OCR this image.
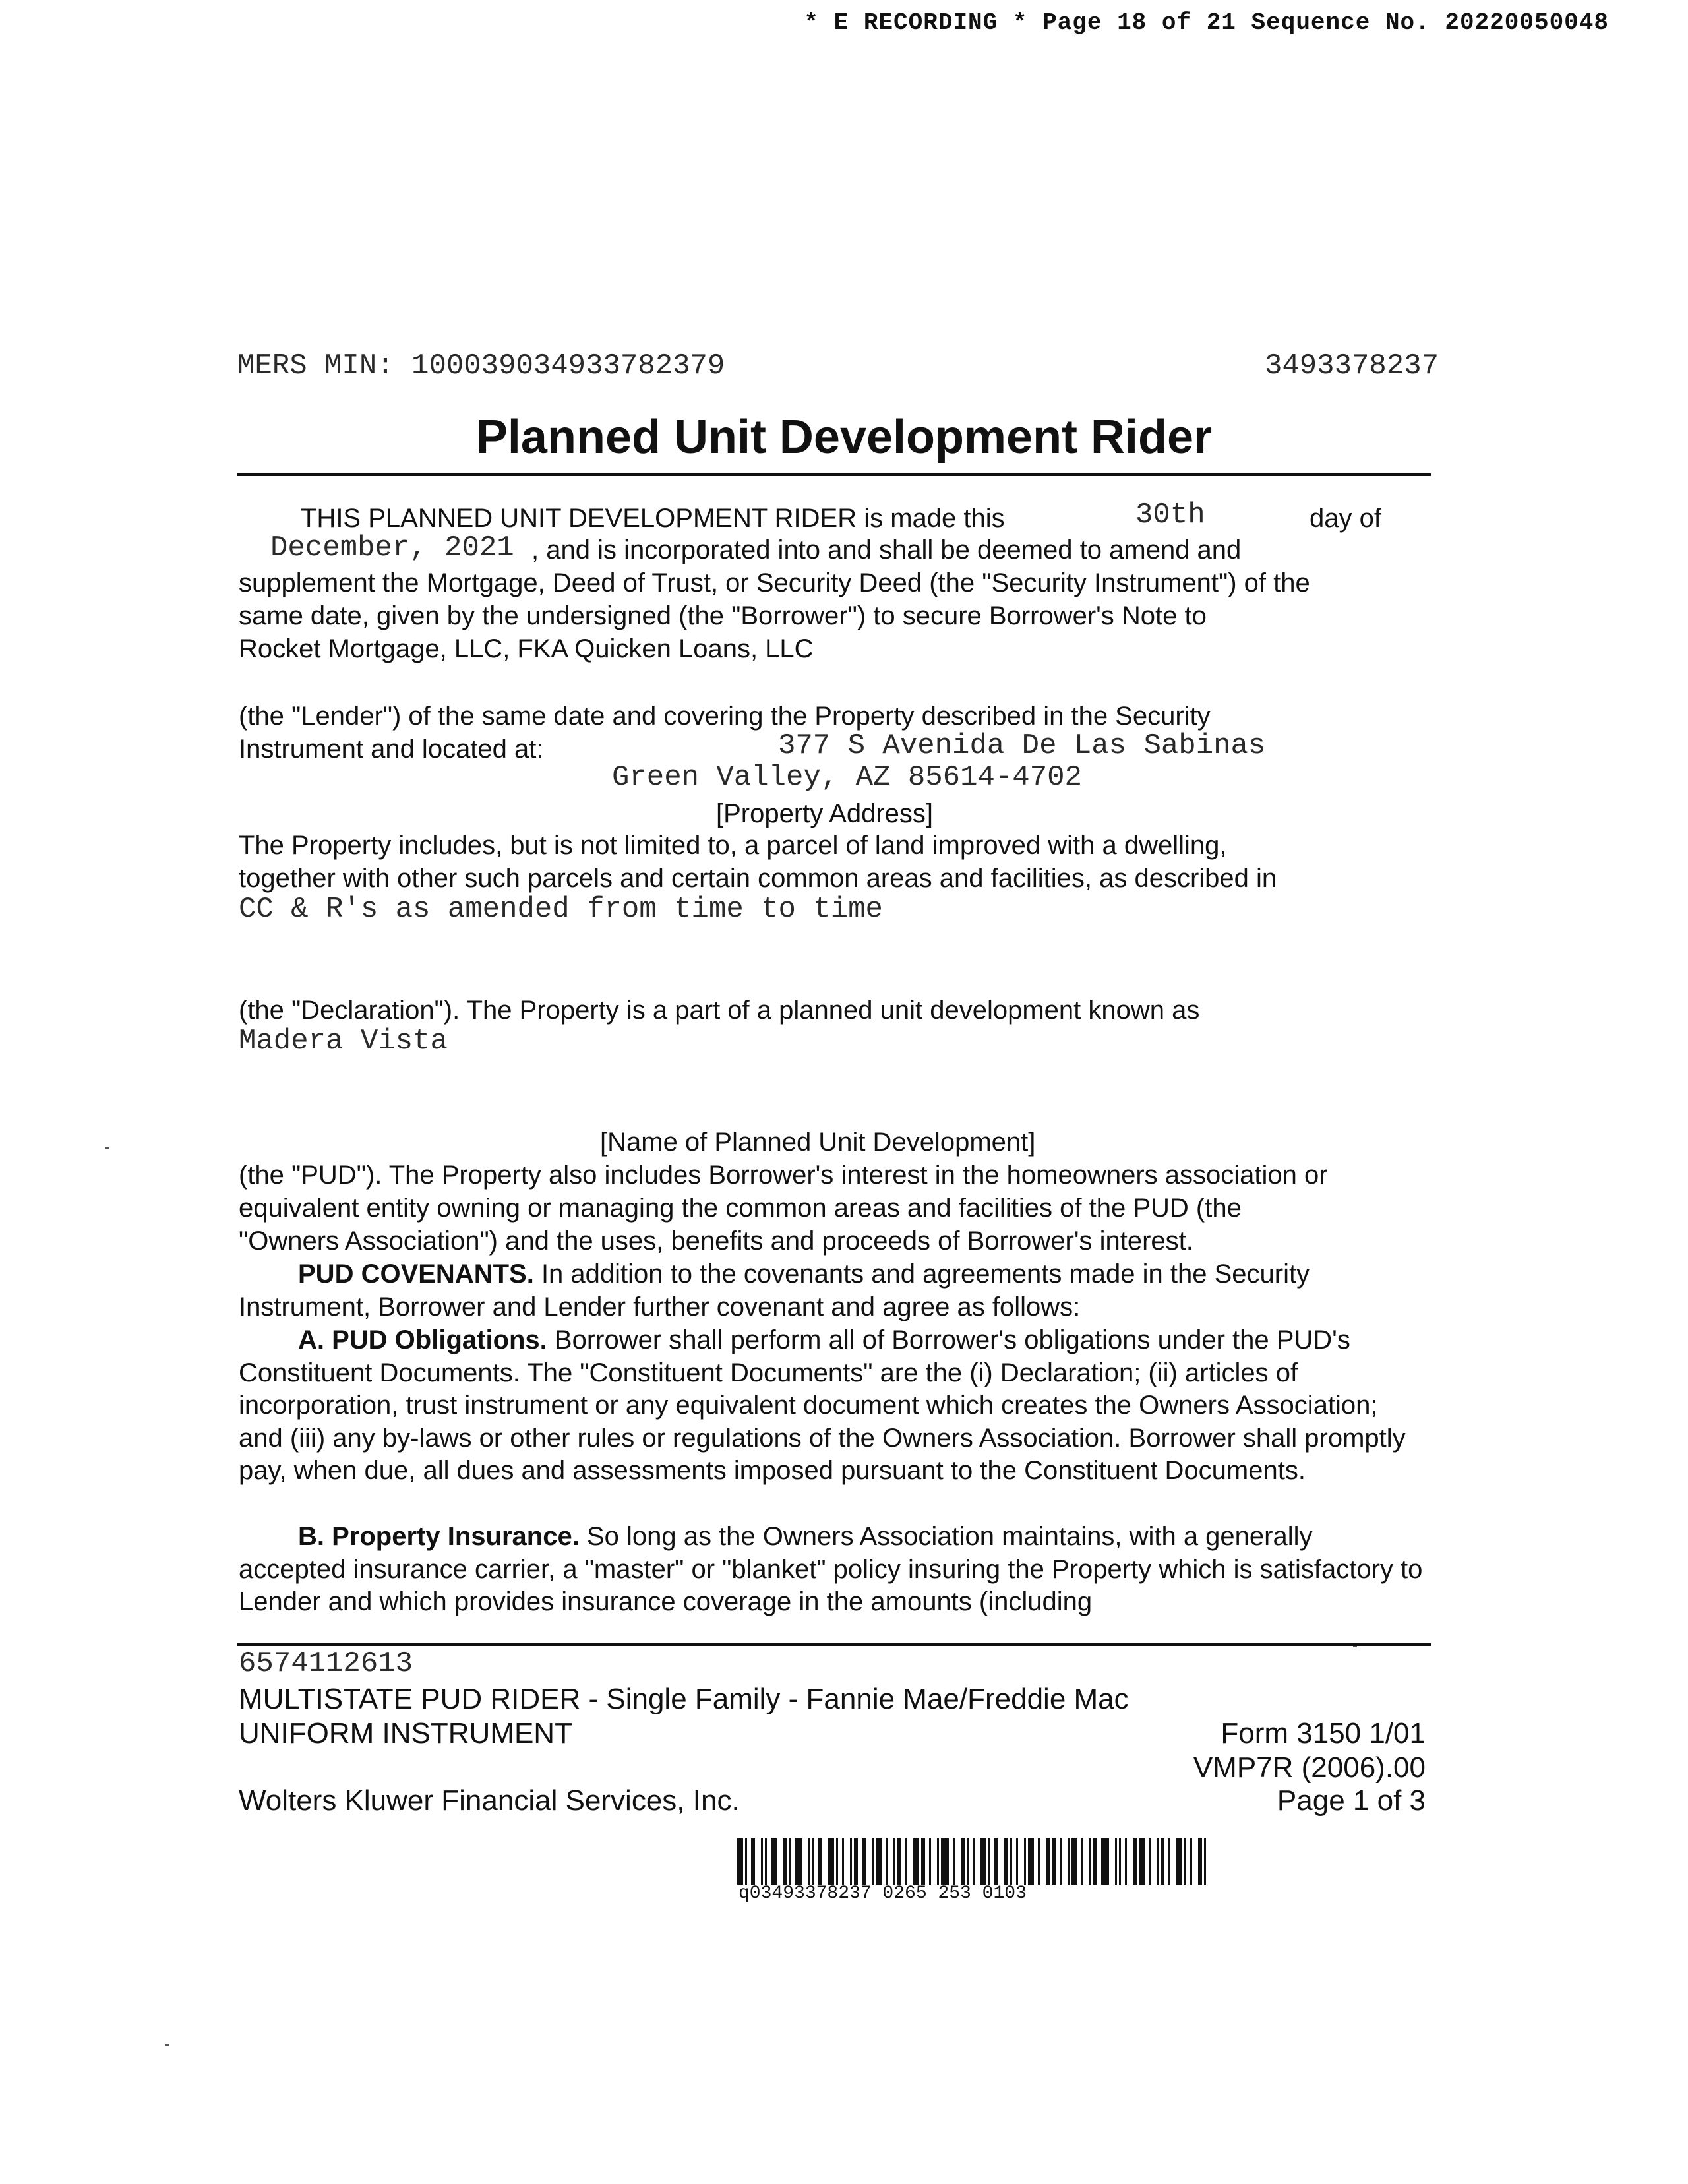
* E RECORDING * Page 18 of 21 Sequence No. 20220050048
MERS MIN: 100039034933782379	3493378237
Planned Unit Development Rider
THIS PLANNED UNIT DEVELOPMENT RIDER is made this	30th	day of
December, 2021 , and is incorporated into and shall be deemed to amend and
supplement the Mortgage, Deed of Trust, or Security Deed (the "Security Instrument") of the
same date, given by the undersigned (the "Borrower") to secure Borrower's Note to
Rocket Mortgage, LLC, FKA Quicken Loans, LLC
(the "Lender") of the same date and covering the Property described in the Security
Instrument and located at:	377 S Avenida De Las Sabinas
Green Valley, AZ 85614-4702
[Property Address]
The Property includes, but is not limited to, a parcel of land improved with a dwelling,
together with other such parcels and certain common areas and facilities, as described in
CC & R's as amended from time to time
(the "Declaration"). The Property is a part of a planned unit development known as
Madera Vista
[Name of Planned Unit Development]
(the "PUD"). The Property also includes Borrower's interest in the homeowners association or
equivalent entity owning or managing the common areas and facilities of the PUD (the
"Owners Association") and the uses, benefits and proceeds of Borrower's interest.
PUD COVENANTS. In addition to the covenants and agreements made in the Security Instrument, Borrower and Lender further covenant and agree as follows:
A. PUD Obligations. Borrower shall perform all of Borrower's obligations under the PUD's Constituent Documents. The "Constituent Documents" are the (i) Declaration; (ii) articles of incorporation, trust instrument or any equivalent document which creates the Owners Association; and (iii) any by-laws or other rules or regulations of the Owners Association. Borrower shall promptly pay, when due, all dues and assessments imposed pursuant to the Constituent Documents.
B. Property Insurance. So long as the Owners Association maintains, with a generally accepted insurance carrier, a "master" or "blanket" policy insuring the Property which is satisfactory to Lender and which provides insurance coverage in the amounts (including
6574112613
MULTISTATE PUD RIDER - Single Family - Fannie Mae/Freddie Mac
UNIFORM INSTRUMENT	Form 3150 1/01
VMP7R (2006).00
Wolters Kluwer Financial Services, Inc.	Page 1 of 3
q03493378237 0265 253 0103
